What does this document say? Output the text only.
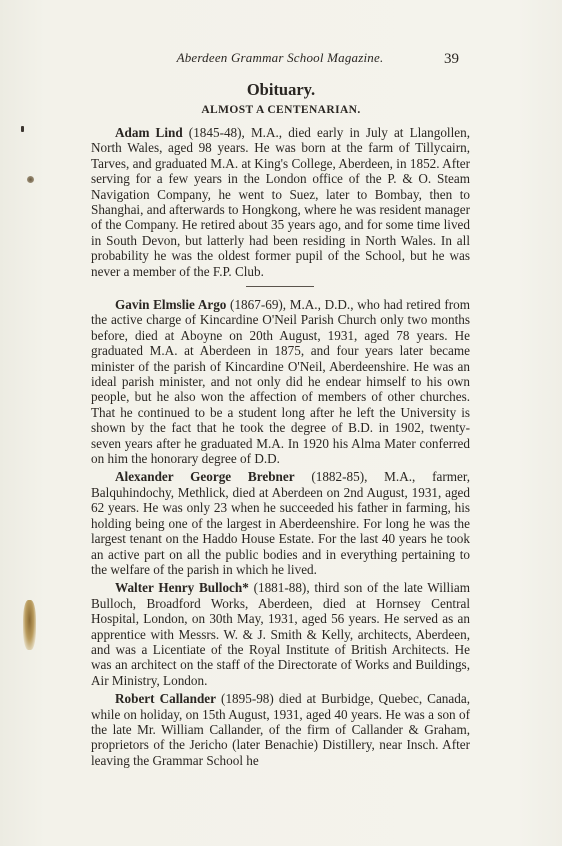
Aberdeen Grammar School Magazine.	39
Obituary.
ALMOST A CENTENARIAN.

Adam Lind (1845-48), M.A., died early in July at Llangollen, North Wales, aged 98 years. He was born at the farm of Tillycairn, Tarves, and graduated M.A. at King's College, Aberdeen, in 1852. After serving for a few years in the London office of the P. & O. Steam Navigation Company, he went to Suez, later to Bombay, then to Shanghai, and afterwards to Hongkong, where he was resident manager of the Company. He retired about 35 years ago, and for some time lived in South Devon, but latterly had been residing in North Wales. In all probability he was the oldest former pupil of the School, but he was never a member of the F.P. Club.

Gavin Elmslie Argo (1867-69), M.A., D.D., who had retired from the active charge of Kincardine O'Neil Parish Church only two months before, died at Aboyne on 20th August, 1931, aged 78 years. He graduated M.A. at Aberdeen in 1875, and four years later became minister of the parish of Kincardine O'Neil, Aberdeenshire. He was an ideal parish minister, and not only did he endear himself to his own people, but he also won the affection of members of other churches. That he continued to be a student long after he left the University is shown by the fact that he took the degree of B.D. in 1902, twenty-seven years after he graduated M.A. In 1920 his Alma Mater conferred on him the honorary degree of D.D.

Alexander George Brebner (1882-85), M.A., farmer, Balquhindochy, Methlick, died at Aberdeen on 2nd August, 1931, aged 62 years. He was only 23 when he succeeded his father in farming, his holding being one of the largest in Aberdeenshire. For long he was the largest tenant on the Haddo House Estate. For the last 40 years he took an active part on all the public bodies and in everything pertaining to the welfare of the parish in which he lived.

Walter Henry Bulloch* (1881-88), third son of the late William Bulloch, Broadford Works, Aberdeen, died at Hornsey Central Hospital, London, on 30th May, 1931, aged 56 years. He served as an apprentice with Messrs. W. & J. Smith & Kelly, architects, Aberdeen, and was a Licentiate of the Royal Institute of British Architects. He was an architect on the staff of the Directorate of Works and Buildings, Air Ministry, London.

Robert Callander (1895-98) died at Burbidge, Quebec, Canada, while on holiday, on 15th August, 1931, aged 40 years. He was a son of the late Mr. William Callander, of the firm of Callander & Graham, proprietors of the Jericho (later Benachie) Distillery, near Insch. After leaving the Grammar School he
